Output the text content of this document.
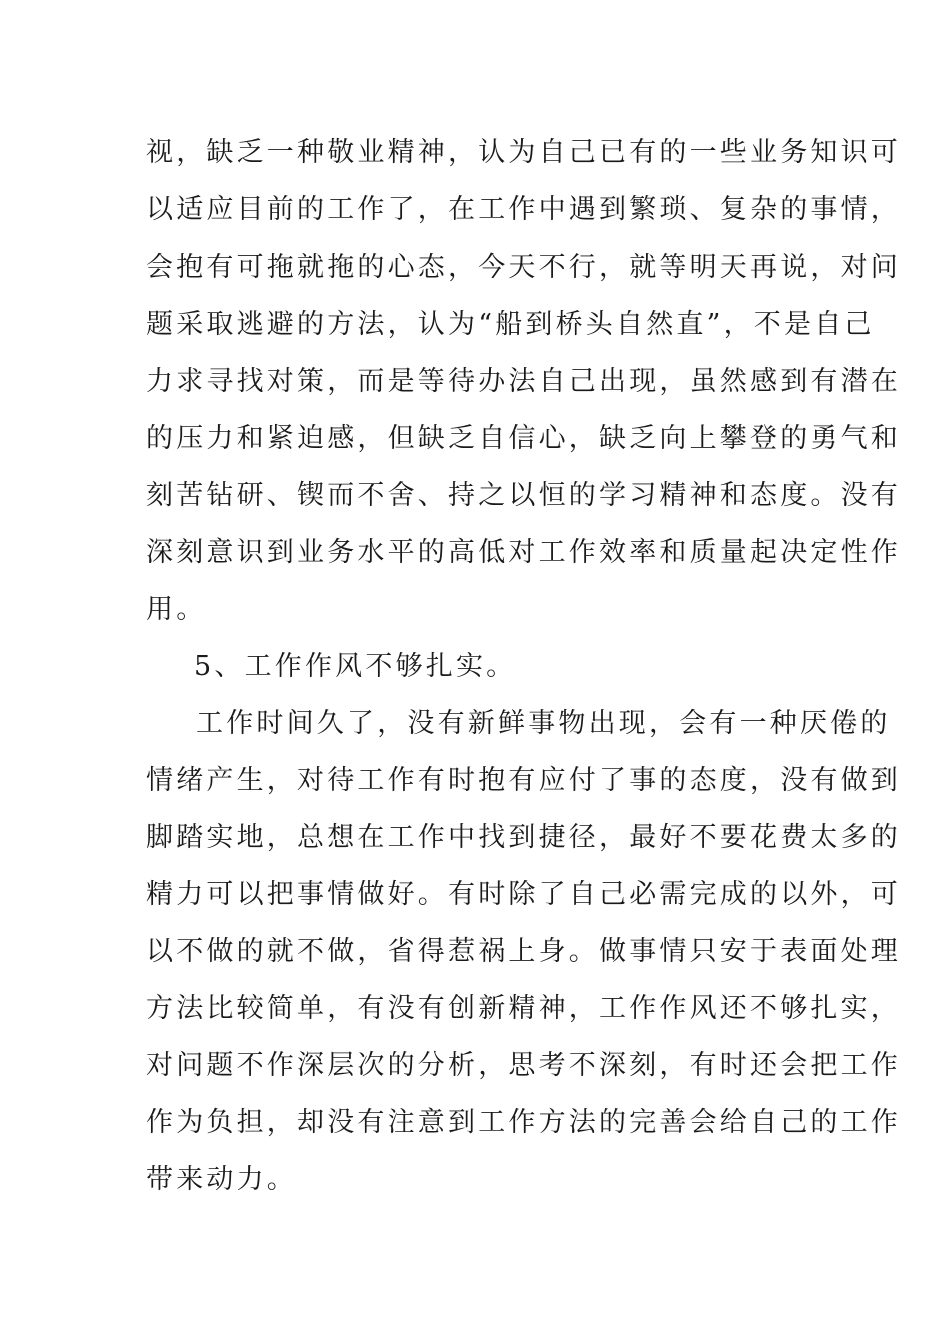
视，缺乏一种敬业精神，认为自己已有的一些业务知识可
以适应目前的工作了，在工作中遇到繁琐、复杂的事情，
会抱有可拖就拖的心态，今天不行，就等明天再说，对问
题采取逃避的方法，认为“船到桥头自然直”，不是自己
力求寻找对策，而是等待办法自己出现，虽然感到有潜在
的压力和紧迫感，但缺乏自信心，缺乏向上攀登的勇气和
刻苦钻研、锲而不舍、持之以恒的学习精神和态度。没有
深刻意识到业务水平的高低对工作效率和质量起决定性作
用。
5、工作作风不够扎实。
工作时间久了，没有新鲜事物出现，会有一种厌倦的
情绪产生，对待工作有时抱有应付了事的态度，没有做到
脚踏实地，总想在工作中找到捷径，最好不要花费太多的
精力可以把事情做好。有时除了自己必需完成的以外，可
以不做的就不做，省得惹祸上身。做事情只安于表面处理
方法比较简单，有没有创新精神，工作作风还不够扎实，
对问题不作深层次的分析，思考不深刻，有时还会把工作
作为负担，却没有注意到工作方法的完善会给自己的工作
带来动力。
